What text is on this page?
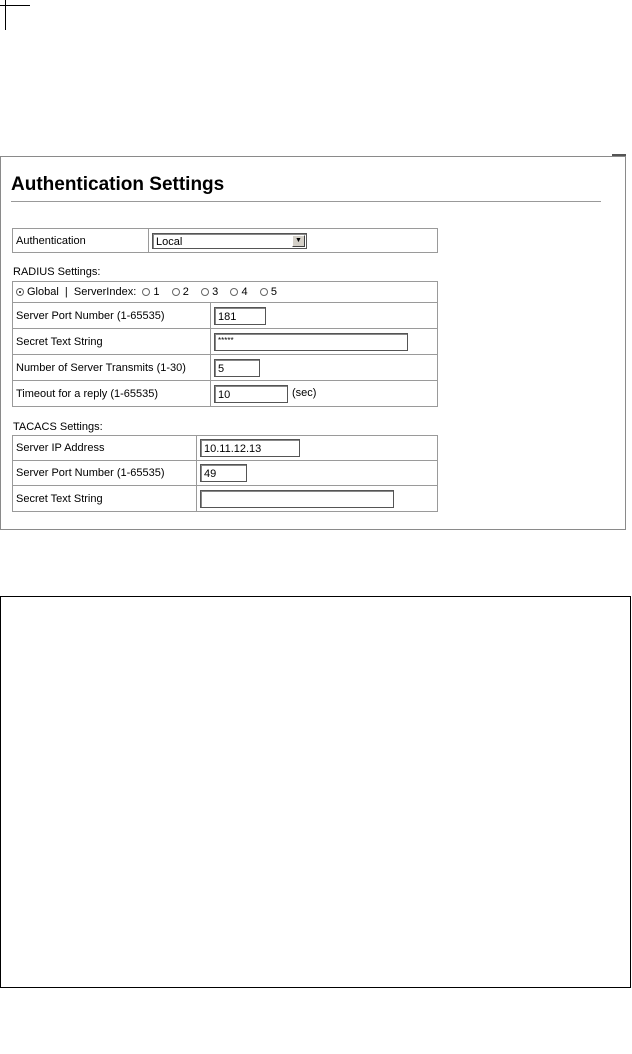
Authentication Settings
Authentication	Local	▼
RADIUS Settings:
Global | ServerIndex: 1 2 3 4 5	
Server Port Number (1-65535)	181
Secret Text String	*****
Number of Server Transmits (1-30)	5
Timeout for a reply (1-65535)	10 (sec)
TACACS Settings:
Server IP Address	10.11.12.13
Server Port Number (1-65535)	49
Secret Text String	
